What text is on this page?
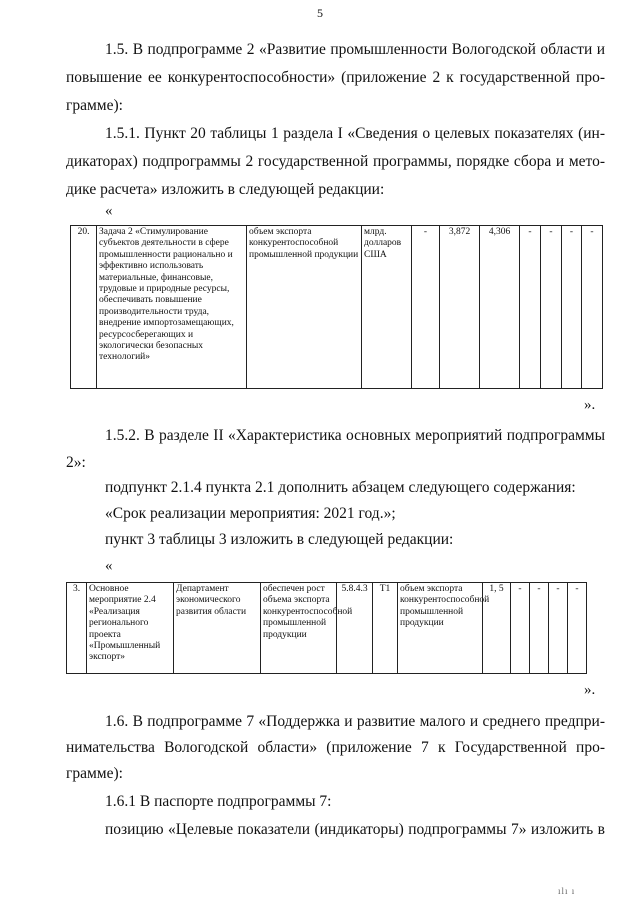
5
1.5. В подпрограмме 2 «Развитие промышленности Вологодской области и
повышение ее конкурентоспособности» (приложение 2 к государственной про-
грамме):
1.5.1. Пункт 20 таблицы 1 раздела I «Сведения о целевых показателях (ин-
дикаторах) подпрограммы 2 государственной программы, порядке сбора и мето-
дике расчета» изложить в следующей редакции:
«
20.	Задача 2 «Стимулирование субъектов деятельности в сфере промышленности рационально и эффективно использовать материальные, финансовые, трудовые и природные ресурсы, обеспечивать повышение производительности труда, внедрение импортозамещающих, ресурсосберегающих и экологически безопасных технологий»	объем экспорта конкурентоспособной промышленной продукции	млрд. долларов США	-	3,872	4,306	-	-	-	-
».
1.5.2. В разделе II «Характеристика основных мероприятий подпрограммы
2»:
подпункт 2.1.4 пункта 2.1 дополнить абзацем следующего содержания:
«Срок реализации мероприятия: 2021 год.»;
пункт 3 таблицы 3 изложить в следующей редакции:
«
3.	Основное мероприятие 2.4 «Реализация регионального проекта «Промышленный экспорт»	Департамент экономического развития области	обеспечен рост объема экспорта конкурентоспособной промышленной продукции	5.8.4.3	Т1	объем экспорта конкурентоспособной промышленной продукции	1, 5	-	-	-	-
».
1.6. В подпрограмме 7 «Поддержка и развитие малого и среднего предпри-
нимательства Вологодской области» (приложение 7 к Государственной про-
грамме):
1.6.1 В паспорте подпрограммы 7:
позицию «Целевые показатели (индикаторы) подпрограммы 7» изложить в
ılı ı
